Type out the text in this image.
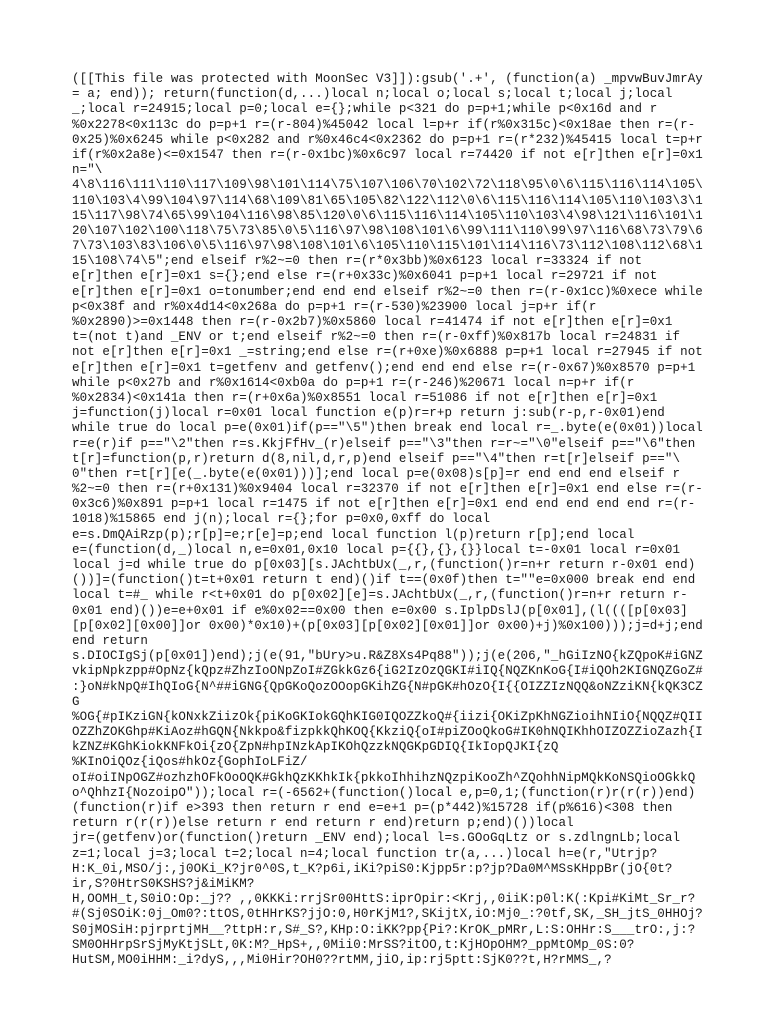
([[This file was protected with MoonSec V3]]):gsub('.+', (function(a) _mpvwBuvJmrAy
= a; end)); return(function(d,...)local n;local o;local s;local t;local j;local
_;local r=24915;local p=0;local e={};while p<321 do p=p+1;while p<0x16d and r
%0x2278<0x113c do p=p+1 r=(r-804)%45042 local l=p+r if(r%0x315c)<0x18ae then r=(r-
0x25)%0x6245 while p<0x282 and r%0x46c4<0x2362 do p=p+1 r=(r*232)%45415 local t=p+r
if(r%0x2a8e)<=0x1547 then r=(r-0x1bc)%0x6c97 local r=74420 if not e[r]then e[r]=0x1
n="\
4\8\116\111\110\117\109\98\101\114\75\107\106\70\102\72\118\95\0\6\115\116\114\105\
110\103\4\99\104\97\114\68\109\81\65\105\82\122\112\0\6\115\116\114\105\110\103\3\1
15\117\98\74\65\99\104\116\98\85\120\0\6\115\116\114\105\110\103\4\98\121\116\101\1
20\107\102\100\118\75\73\85\0\5\116\97\98\108\101\6\99\111\110\99\97\116\68\73\79\6
7\73\103\83\106\0\5\116\97\98\108\101\6\105\110\115\101\114\116\73\112\108\112\68\1
15\108\74\5";end elseif r%2~=0 then r=(r*0x3bb)%0x6123 local r=33324 if not
e[r]then e[r]=0x1 s={};end else r=(r+0x33c)%0x6041 p=p+1 local r=29721 if not
e[r]then e[r]=0x1 o=tonumber;end end end elseif r%2~=0 then r=(r-0x1cc)%0xece while
p<0x38f and r%0x4d14<0x268a do p=p+1 r=(r-530)%23900 local j=p+r if(r
%0x2890)>=0x1448 then r=(r-0x2b7)%0x5860 local r=41474 if not e[r]then e[r]=0x1
t=(not t)and _ENV or t;end elseif r%2~=0 then r=(r-0xff)%0x817b local r=24831 if
not e[r]then e[r]=0x1 _=string;end else r=(r+0xe)%0x6888 p=p+1 local r=27945 if not
e[r]then e[r]=0x1 t=getfenv and getfenv();end end end else r=(r-0x67)%0x8570 p=p+1
while p<0x27b and r%0x1614<0xb0a do p=p+1 r=(r-246)%20671 local n=p+r if(r
%0x2834)<0x141a then r=(r+0x6a)%0x8551 local r=51086 if not e[r]then e[r]=0x1
j=function(j)local r=0x01 local function e(p)r=r+p return j:sub(r-p,r-0x01)end
while true do local p=e(0x01)if(p=="\5")then break end local r=_.byte(e(0x01))local
r=e(r)if p=="\2"then r=s.KkjFfHv_(r)elseif p=="\3"then r=r~="\0"elseif p=="\6"then
t[r]=function(p,r)return d(8,nil,d,r,p)end elseif p=="\4"then r=t[r]elseif p=="\
0"then r=t[r][e(_.byte(e(0x01)))];end local p=e(0x08)s[p]=r end end end elseif r
%2~=0 then r=(r+0x131)%0x9404 local r=32370 if not e[r]then e[r]=0x1 end else r=(r-
0x3c6)%0x891 p=p+1 local r=1475 if not e[r]then e[r]=0x1 end end end end end r=(r-
1018)%15865 end j(n);local r={};for p=0x0,0xff do local
e=s.DmQAiRzp(p);r[p]=e;r[e]=p;end local function l(p)return r[p];end local
e=(function(d,_)local n,e=0x01,0x10 local p={{},{},{}}local t=-0x01 local r=0x01
local j=d while true do p[0x03][s.JAchtbUx(_,r,(function()r=n+r return r-0x01 end)
())]=(function()t=t+0x01 return t end)()if t==(0x0f)then t=""e=0x000 break end end
local t=#_ while r<t+0x01 do p[0x02][e]=s.JAchtbUx(_,r,(function()r=n+r return r-
0x01 end)())e=e+0x01 if e%0x02==0x00 then e=0x00 s.IplpDslJ(p[0x01],(l((([p[0x03]
[p[0x02][0x00]]or 0x00)*0x10)+(p[0x03][p[0x02][0x01]]or 0x00)+j)%0x100)));j=d+j;end
end return
s.DIOCIgSj(p[0x01])end);j(e(91,"bUry>u.R&Z8Xs4Pq88"));j(e(206,"_hGiIzNO{kZQpoK#iGNZ
vkipNpkzpp#OpNz{kQpz#ZhzIoONpZoI#ZGkkGz6{iG2IzOzQGKI#iIQ{NQZKnKoG{I#iQOh2KIGNQZGoZ#
:}oN#kNpQ#IhQIoG{N^##iGNG{QpGKoQozOOopGKihZG{N#pGK#hOzO{I{{OIZZIzNQQ&oNZziKN{kQK3CZ
G
%OG{#pIKziGN{kONxkZiizOk{piKoGKIokGQhKIG0IQOZZkoQ#{iizi{OKiZpKhNGZioihNIiO{NQQZ#QII
OZZhZOKGhp#KiAoz#hGQN{Nkkpo&fizpkkQhKOQ{KkziQ{oI#piZOoQkoG#IK0hNQIKhhOIZOZZioZazh{I
kZNZ#KGhKiokKNFkOi{zO{ZpN#hpINzkApIKOhQzzkNQGKpGDIQ{IkIopQJKI{zQ
%KInOiQOz{iQos#hkOz{GophIoLFiZ/
oI#oiINpOGZ#ozhzhOFkOoOQK#GkhQzKKhkIk{pkkoIhhihzNQzpiKooZh^ZQohhNipMQkKoNSQioOGkkQ
o^QhhzI{NozoipO"));local r=(-6562+(function()local e,p=0,1;(function(r)r(r(r))end)
(function(r)if e>393 then return r end e=e+1 p=(p*442)%15728 if(p%616)<308 then
return r(r(r))else return r end return r end)return p;end)())local
jr=(getfenv)or(function()return _ENV end);local l=s.GOoGqLtz or s.zdlngnLb;local
z=1;local j=3;local t=2;local n=4;local function tr(a,...)local h=e(r,"Utrjp?
H:K_0i,MSO/j:,j0OKi_K?jr0^0S,t_K?p6i,iKi?piS0:Kjpp5r:p?jp?Da0M^MSsKHppBr(jO{0t?
ir,S?0HtrS0KSHS?j&iMiKM?
H,OOMH_t,S0iO:Op:_j?? ,,0KKKi:rrjSr00HttS:iprOpir:<Krj,,0iiK:p0l:K(:Kpi#KiMt_Sr_r?
#(Sj0SOiK:0j_Om0?:ttOS,0tHHrKS?jjO:0,H0rKjM1?,SKijtX,iO:Mj0_:?0tf,SK,_SH_jtS_0HHOj?
S0jMOSiH:pjrprtjMH__?ttpH:r,S#_S?,KHp:O:iKK?pp{Pi?:KrOK_pMRr,L:S:OHHr:S___trO:,j:?
SM0OHHrpSrSjMyKtjSLt,0K:M?_HpS+,,0Mii0:MrSS?itOO,t:KjHOpOHM?_ppMtOMp_0S:0?
HutSM,MO0iHHM:_i?dyS,,,Mi0Hir?OH0??rtMM,jiO,ip:rj5ptt:SjK0??t,H?rMMS_,?
